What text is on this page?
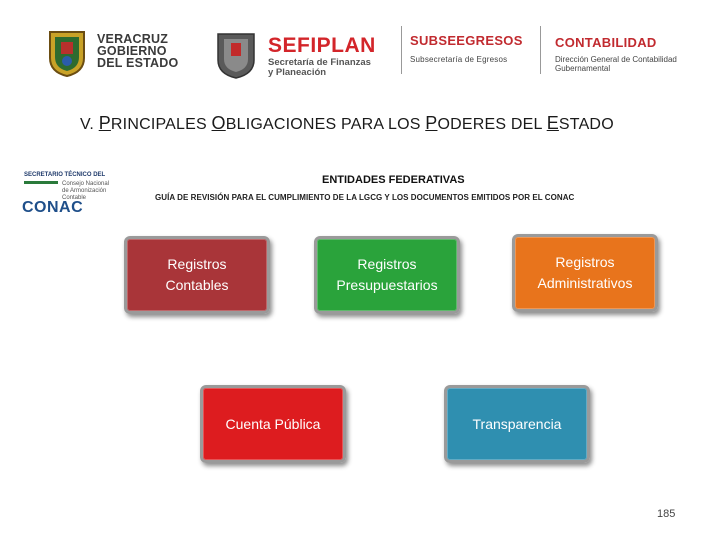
VERACRUZ
GOBIERNO
DEL ESTADO
SEFIPLAN
Secretaría de Finanzas
y Planeación
SUBSEEGRESOS
Subsecretaría de Egresos
CONTABILIDAD
Dirección General de Contabilidad Gubernamental
V. PRINCIPALES OBLIGACIONES PARA LOS PODERES DEL ESTADO
SECRETARIO TÉCNICO DEL
Consejo Nacional de Armonización Contable
CONAC
ENTIDADES FEDERATIVAS
GUÍA DE REVISIÓN PARA EL CUMPLIMIENTO DE LA LGCG Y LOS DOCUMENTOS EMITIDOS POR EL CONAC
Registros
Contables
Registros
Presupuestarios
Registros
Administrativos
Cuenta Pública	Transparencia
185
